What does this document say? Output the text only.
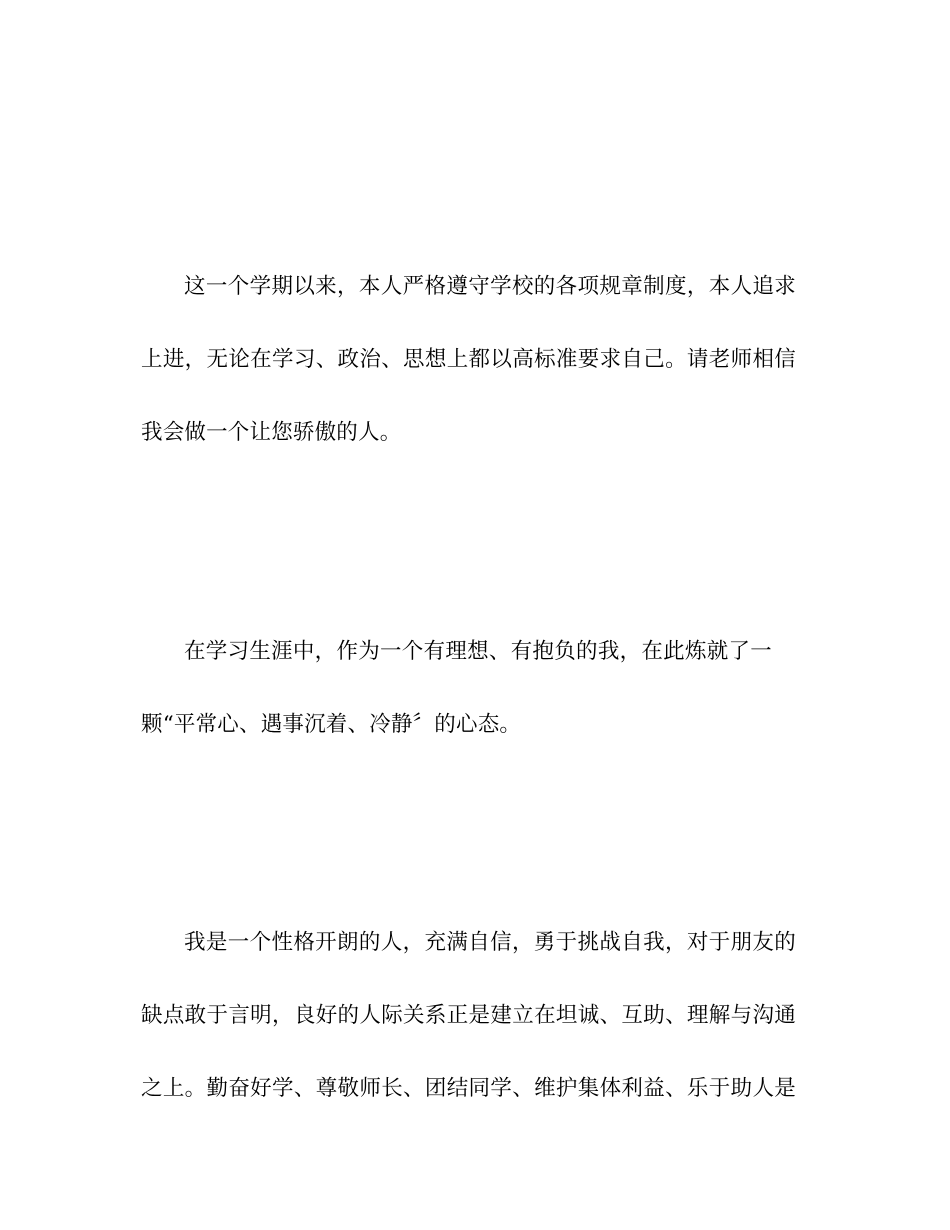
这一个学期以来，本人严格遵守学校的各项规章制度，本人追求
上进，无论在学习、政治、思想上都以高标准要求自己。请老师相信
我会做一个让您骄傲的人。
在学习生涯中，作为一个有理想、有抱负的我，在此炼就了一
颗“平常心、遇事沉着、冷静〞的心态。
我是一个性格开朗的人，充满自信，勇于挑战自我，对于朋友的
缺点敢于言明，良好的人际关系正是建立在坦诚、互助、理解与沟通
之上。勤奋好学、尊敬师长、团结同学、维护集体利益、乐于助人是
